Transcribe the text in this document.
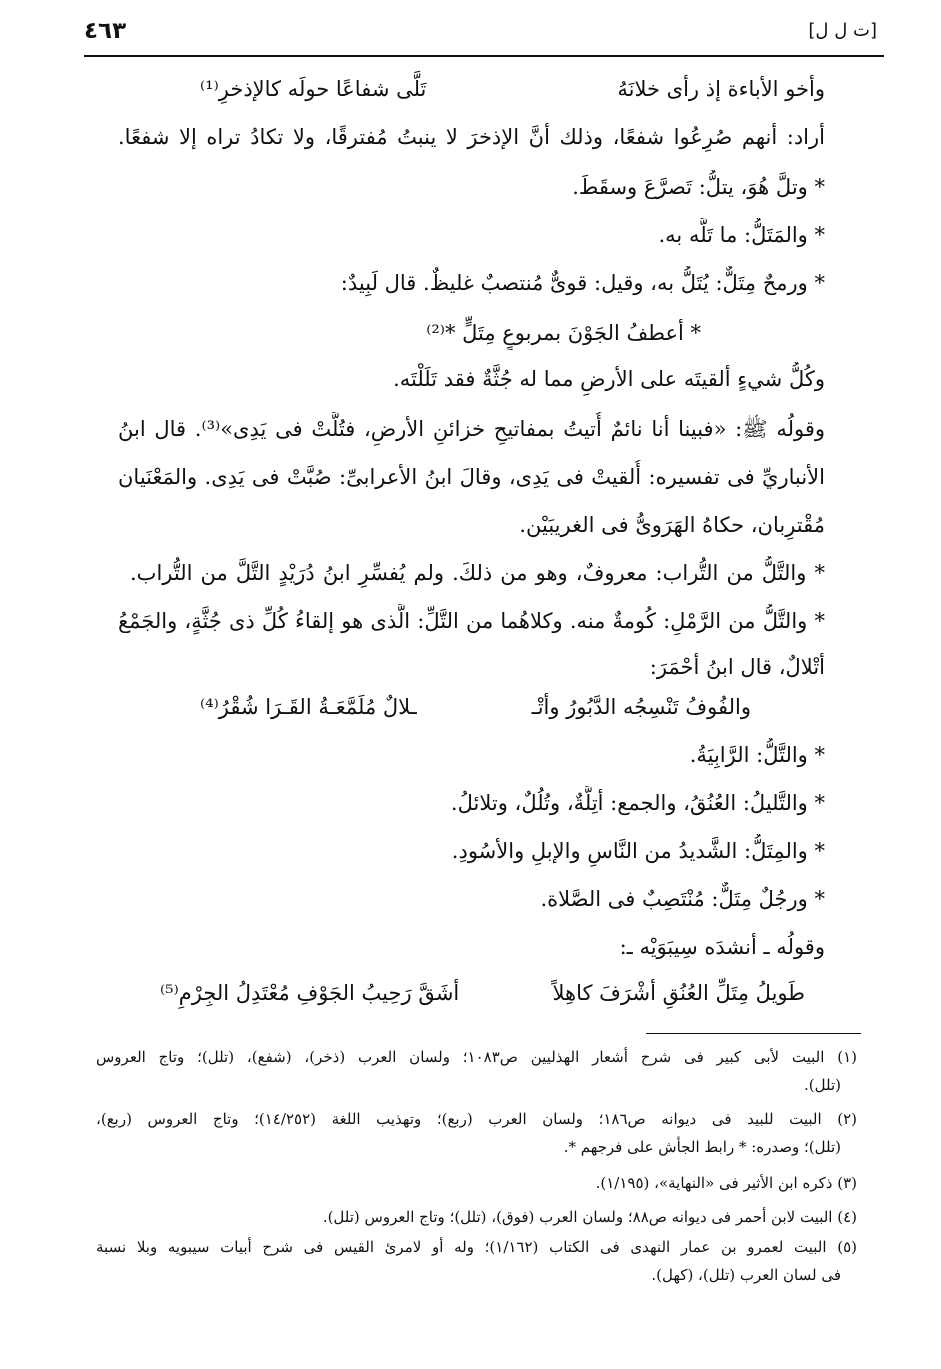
٤٦٣	[ت ل ل]
وأخو الأباءة إذ رأى خلانَهُ
تَلَّى شفاعًا حولَه كالإذخرِ⁽¹⁾
أراد: أنهم صُرِعُوا شفعًا، وذلك أنَّ الإذخرَ لا ينبتُ مُفترقًا، ولا تكادُ تراه إلا شفعًا.
* وتلَّ هُوَ، يتلُّ: تَصرَّعَ وسقَطَ.
* والمَتَلُّ: ما تَلَّه به.
* ورمحٌ مِتَلٌّ: يُتَلُّ به، وقيل: قوىٌّ مُنتصبٌ غليظٌ. قال لَبِيدٌ:
* أعطفُ الجَوْنَ بمربوعٍ مِتَلٍّ *⁽²⁾
وكُلُّ شيءٍ ألقيتَه على الأرضِ مما له جُثَّةٌ فقد تَلَلْتَه.
وقولُه ﷺ: «فبينا أنا نائمٌ أُتيتُ بمفاتيحِ خزائنِ الأرضِ، فتُلَّتْ فى يَدِى»⁽³⁾. قال ابنُ
الأنباريِّ فى تفسيره: أُلقيتْ فى يَدِى، وقالَ ابنُ الأعرابىِّ: صُبَّتْ فى يَدِى. والمَعْنَيان
مُقْترِبان، حكاهُ الهَرَوىُّ فى الغريبَيْن.
* والتَّلُّ من التُّراب: معروفٌ، وهو من ذلكَ. ولم يُفسِّرِ ابنُ دُرَيْدٍ التَّلَّ من التُّراب.
* والتَّلُّ من الرَّمْلِ: كُومةٌ منه. وكلاهُما من التَّلِّ: الَّذى هو إلقاءُ كُلِّ ذى جُثَّةٍ، والجَمْعُ
أتْلالٌ، قال ابنُ أحْمَرَ:
والفُوفُ تَنْسِجُه الدَّبُورُ وأتْـ
ـلالٌ مُلَمَّعَـةُ القَـرَا شُقْرُ⁽⁴⁾
* والتَّلُّ: الرَّابِيَةُ.
* والتَّليلُ: العُنُقُ، والجمع: أتِلَّةٌ، وتُلُلٌ، وتلائلُ.
* والمِتَلُّ: الشَّديدُ من النَّاسِ والإبلِ والأسُودِ.
* ورجُلٌ مِتَلٌّ: مُنْتَصِبٌ فى الصَّلاة.
وقولُه ـ أنشدَه سِيبَوَيْه ـ:
طَويلُ مِتَلِّ العُنُقِ أشْرَفَ كاهِلاً
أشَقَّ رَحِيبُ الجَوْفِ مُعْتَدِلُ الجِرْمِ⁽⁵⁾
(١) البيت لأبى كبير فى شرح أشعار الهذليين ص١٠٨٣؛ ولسان العرب (ذخر)، (شفع)، (تلل)؛ وتاج العروس
(تلل).
(٢) البيت للبيد فى ديوانه ص١٨٦؛ ولسان العرب (ربع)؛ وتهذيب اللغة (١٤/٢٥٢)؛ وتاج العروس (ربع)،
(تلل)؛ وصدره: * رابط الجأش على فرجهم *.
(٣) ذكره ابن الأثير فى «النهاية»، (١/١٩٥).
(٤) البيت لابن أحمر فى ديوانه ص٨٨؛ ولسان العرب (فوق)، (تلل)؛ وتاج العروس (تلل).
(٥) البيت لعمرو بن عمار النهدى فى الكتاب (١/١٦٢)؛ وله أو لامرئ القيس فى شرح أبيات سيبويه وبلا نسبة
فى لسان العرب (تلل)، (كهل).
